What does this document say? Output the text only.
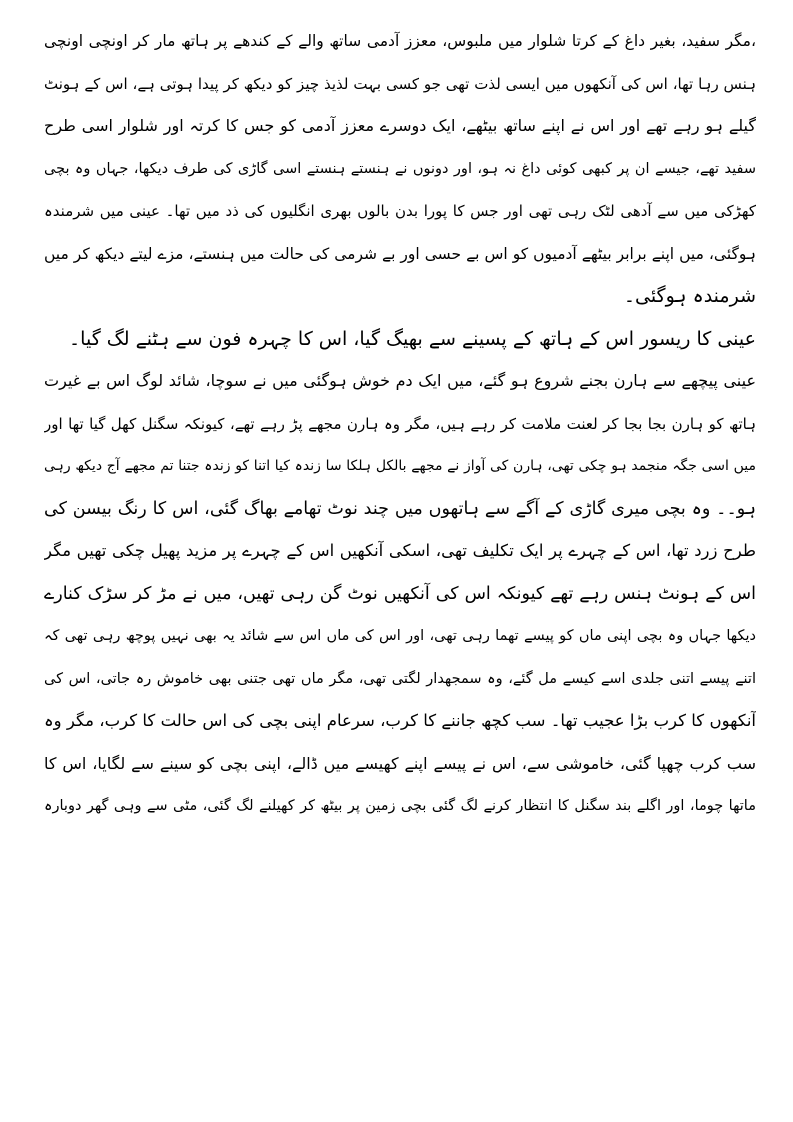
،مگر سفید، بغیر داغ کے کرتا شلوار میں ملبوس، معزز آدمی ساتھ والے کے کندھے پر ہاتھ مار کر اونچی اونچی
ہنس رہا تھا، اس کی آنکھوں میں ایسی لذت تھی جو کسی بہت لذیذ چیز کو دیکھ کر پیدا ہوتی ہے، اس کے ہونٹ
گیلے ہو رہے تھے اور اس نے اپنے ساتھ بیٹھے، ایک دوسرے معزز آدمی کو جس کا کرتہ اور شلوار اسی طرح
سفید تھے، جیسے ان پر کبھی کوئی داغ نہ ہو، اور دونوں نے ہنستے ہنستے اسی گاڑی کی طرف دیکھا، جہاں وہ بچی
کھڑکی میں سے آدھی لٹک رہی تھی اور جس کا پورا بدن بالوں بھری انگلیوں کی ذد میں تھا۔ عینی میں شرمندہ
ہوگئی، میں اپنے برابر بیٹھے آدمیوں کو اس بے حسی اور بے شرمی کی حالت میں ہنستے، مزے لیتے دیکھ کر میں
شرمندہ ہوگئی۔
عینی کا ریسور اس کے ہاتھ کے پسینے سے بھیگ گیا، اس کا چہرہ فون سے ہٹنے لگ گیا۔
عینی پیچھے سے ہارن بجنے شروع ہو گئے، میں ایک دم خوش ہوگئی میں نے سوچا، شائد لوگ اس بے غیرت
ہاتھ کو ہارن بجا بجا کر لعنت ملامت کر رہے ہیں، مگر وہ ہارن مجھے پڑ رہے تھے، کیونکہ سگنل کھل گیا تھا اور
میں اسی جگہ منجمد ہو چکی تھی، ہارن کی آواز نے مجھے بالکل ہلکا سا زندہ کیا اتنا کو زندہ جتنا تم مجھے آج دیکھ رہی
ہو۔۔ وہ بچی میری گاڑی کے آگے سے ہاتھوں میں چند نوٹ تھامے بھاگ گئی، اس کا رنگ بیسن کی
طرح زرد تھا، اس کے چہرے پر ایک تکلیف تھی، اسکی آنکھیں اس کے چہرے پر مزید پھیل چکی تھیں مگر
اس کے ہونٹ ہنس رہے تھے کیونکہ اس کی آنکھیں نوٹ گن رہی تھیں، میں نے مڑ کر سڑک کنارے
دیکھا جہاں وہ بچی اپنی ماں کو پیسے تھما رہی تھی، اور اس کی ماں اس سے شائد یہ بھی نہیں پوچھ رہی تھی کہ
اتنے پیسے اتنی جلدی اسے کیسے مل گئے، وہ سمجھدار لگتی تھی، مگر ماں تھی جتنی بھی خاموش رہ جاتی، اس کی
آنکھوں کا کرب بڑا عجیب تھا۔ سب کچھ جاننے کا کرب، سرعام اپنی بچی کی اس حالت کا کرب، مگر وہ
سب کرب چھپا گئی، خاموشی سے، اس نے پیسے اپنے کھیسے میں ڈالے، اپنی بچی کو سینے سے لگایا، اس کا
ماتھا چوما، اور اگلے بند سگنل کا انتظار کرنے لگ گئی بچی زمین پر بیٹھ کر کھیلنے لگ گئی، مٹی سے وہی گھر دوبارہ
